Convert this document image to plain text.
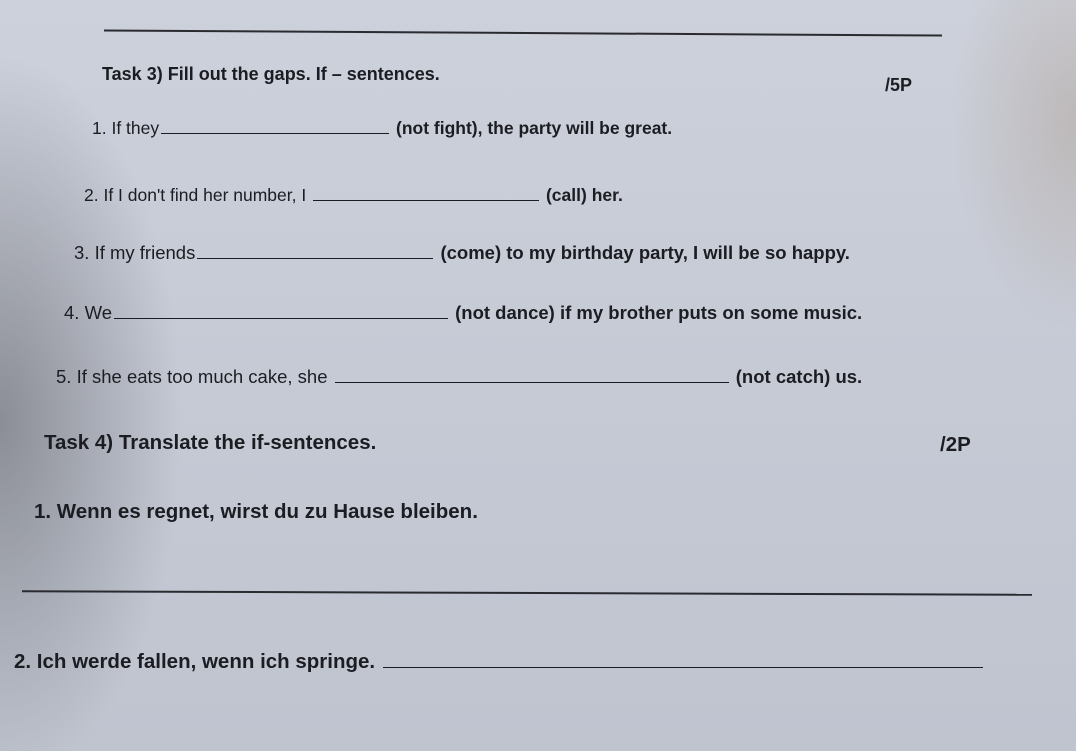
Task 3) Fill out the gaps. If – sentences.
/5P
1. If they	(not fight), the party will be great.
2. If I don't find her number, I	(call) her.
3. If my friends	(come) to my birthday party, I will be so happy.
4. We	(not dance) if my brother puts on some music.
5. If she eats too much cake, she	(not catch) us.
Task 4) Translate the if-sentences.	/2P
1. Wenn es regnet, wirst du zu Hause bleiben.
2. Ich werde fallen, wenn ich springe.
